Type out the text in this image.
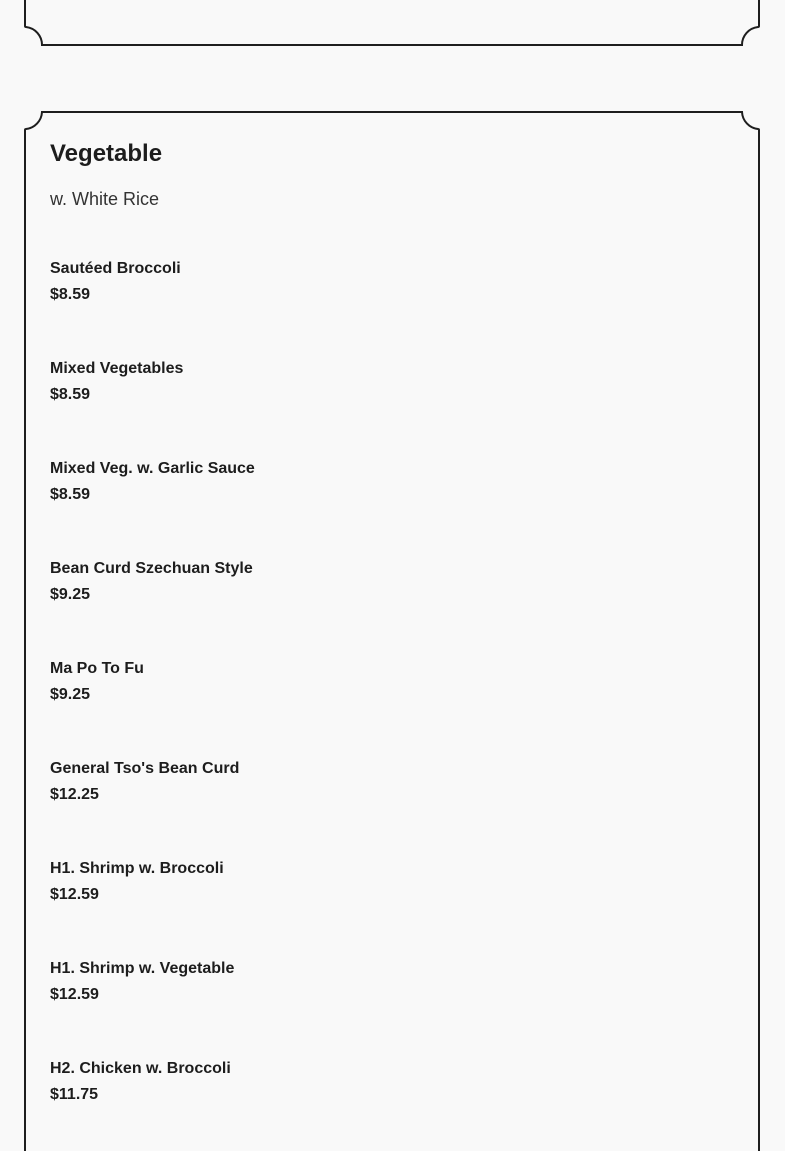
Vegetable
w. White Rice
Sautéed Broccoli
$8.59
Mixed Vegetables
$8.59
Mixed Veg. w. Garlic Sauce
$8.59
Bean Curd Szechuan Style
$9.25
Ma Po To Fu
$9.25
General Tso's Bean Curd
$12.25
H1. Shrimp w. Broccoli
$12.59
H1. Shrimp w. Vegetable
$12.59
H2. Chicken w. Broccoli
$11.75
